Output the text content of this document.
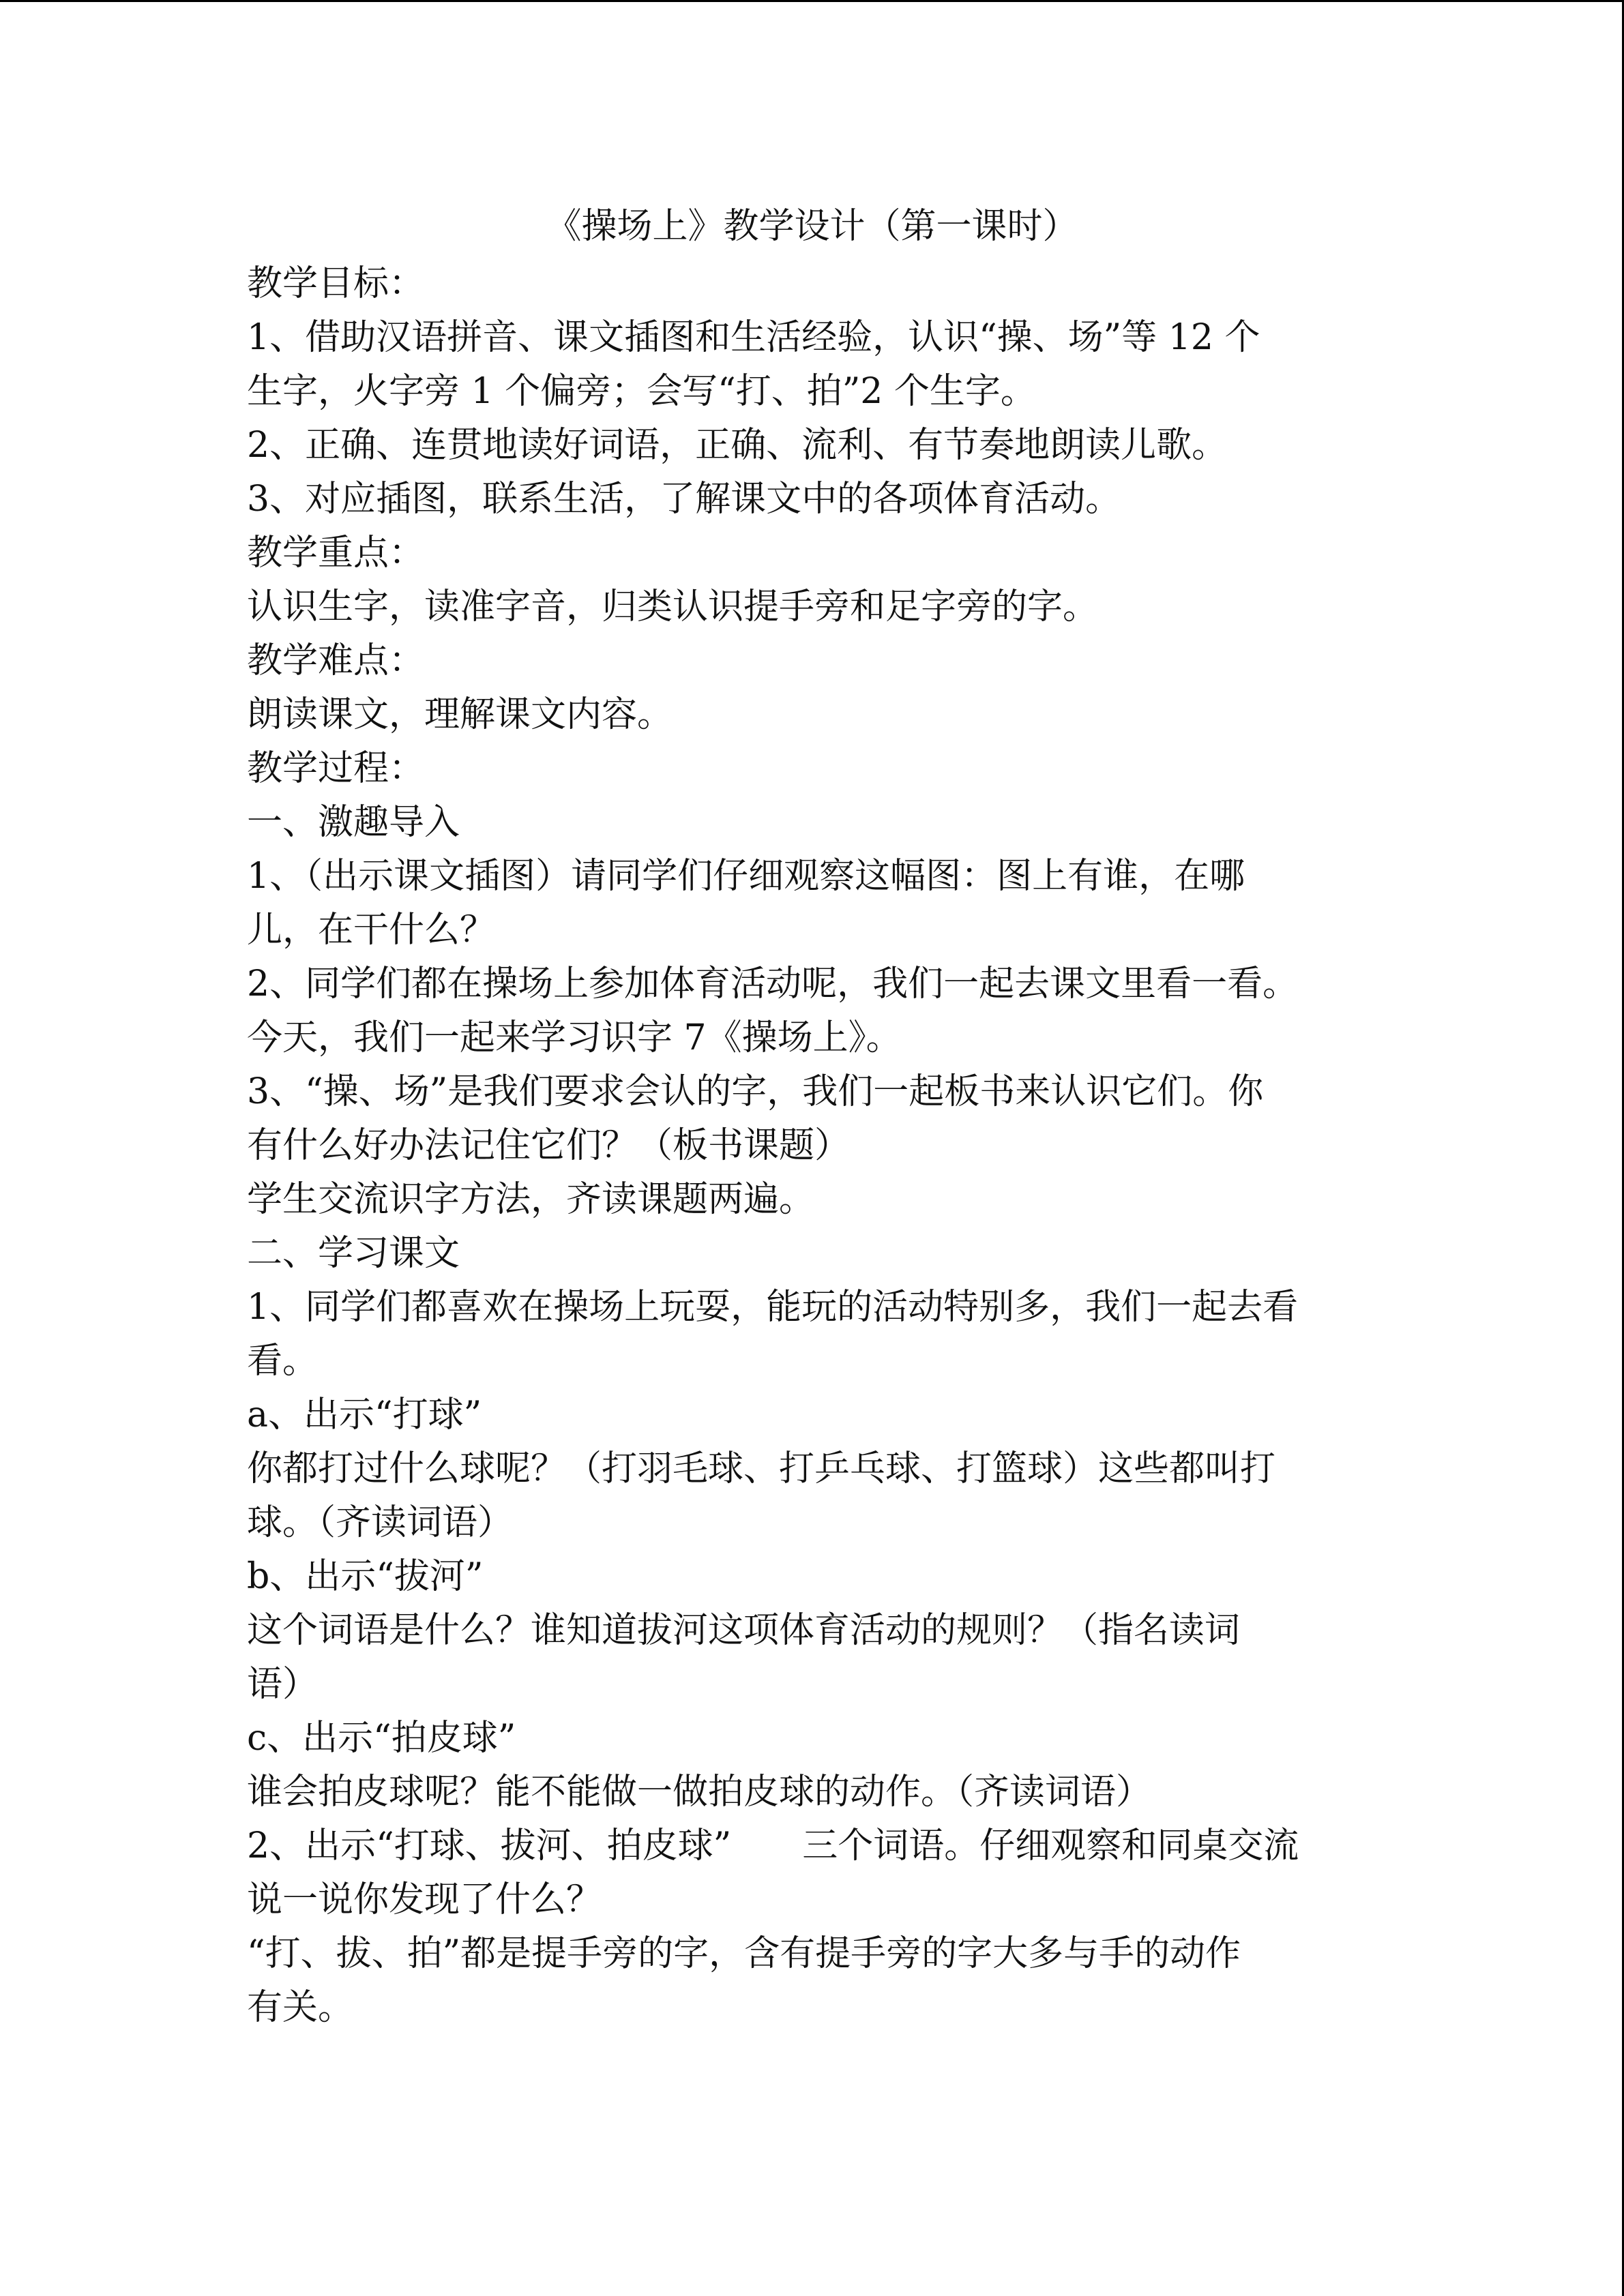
《操场上》教学设计（第一课时）
教学目标：
1、借助汉语拼音、课文插图和生活经验，认识“操、场”等 12 个
生字，火字旁 1 个偏旁；会写“打、拍”2 个生字。
2、正确、连贯地读好词语，正确、流利、有节奏地朗读儿歌。
3、对应插图，联系生活，了解课文中的各项体育活动。
教学重点：
认识生字，读准字音，归类认识提手旁和足字旁的字。
教学难点：
朗读课文，理解课文内容。
教学过程：
一、激趣导入
1、（出示课文插图）请同学们仔细观察这幅图：图上有谁，在哪
儿，在干什么？
2、同学们都在操场上参加体育活动呢，我们一起去课文里看一看。
今天，我们一起来学习识字 7《操场上》。
3、“操、场”是我们要求会认的字，我们一起板书来认识它们。你
有什么好办法记住它们？（板书课题）
学生交流识字方法，齐读课题两遍。
二、学习课文
1、同学们都喜欢在操场上玩耍，能玩的活动特别多，我们一起去看
看。
a、出示“打球”
你都打过什么球呢？（打羽毛球、打乒乓球、打篮球）这些都叫打
球。（齐读词语）
b、出示“拔河”
这个词语是什么？谁知道拔河这项体育活动的规则？（指名读词
语）
c、出示“拍皮球”
谁会拍皮球呢？能不能做一做拍皮球的动作。（齐读词语）
2、出示“打球、拔河、拍皮球”　　三个词语。仔细观察和同桌交流
说一说你发现了什么？
“打、拔、拍”都是提手旁的字，含有提手旁的字大多与手的动作
有关。
